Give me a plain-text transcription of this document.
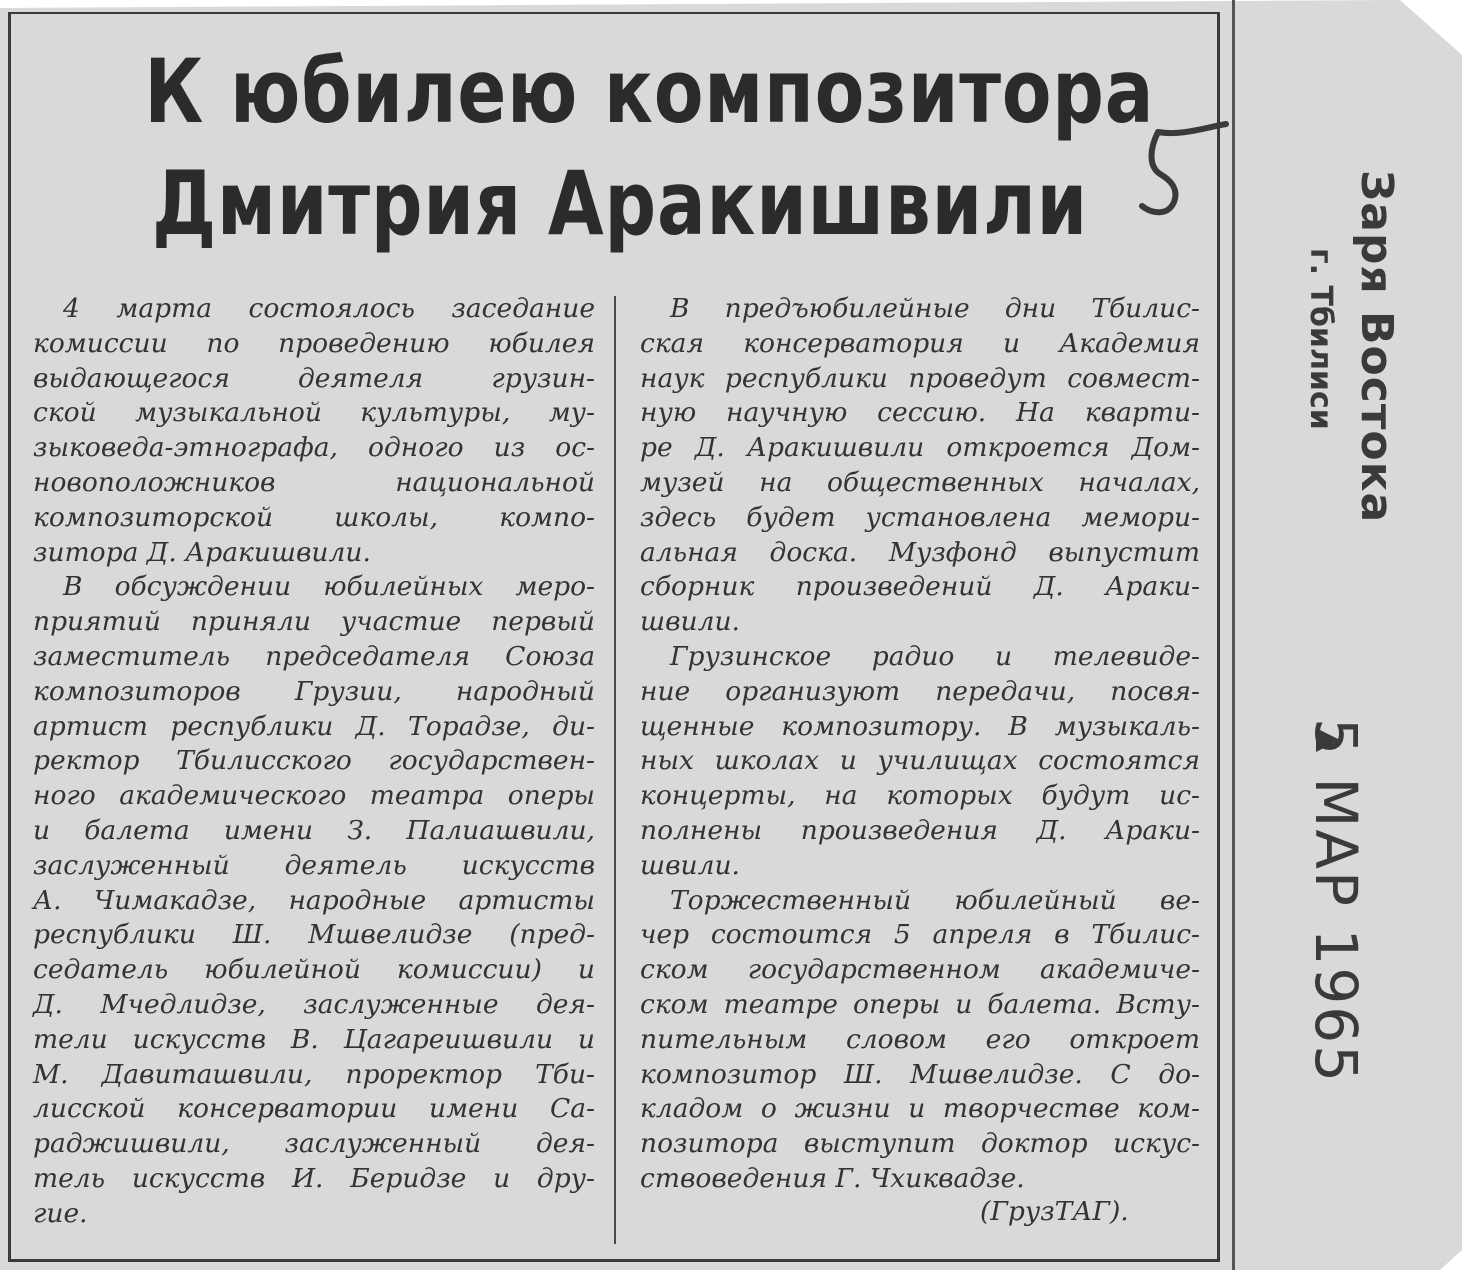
К юбилею композитора
Дмитрия Аракишвили

4 марта состоялось заседание
комиссии по проведению юбилея
выдающегося деятеля грузин-
ской музыкальной культуры, му-
зыковеда-этнографа, одного из ос-
новоположников национальной
композиторской школы, компо-
зитора Д. Аракишвили.

В обсуждении юбилейных меро-
приятий приняли участие первый
заместитель председателя Союза
композиторов Грузии, народный
артист республики Д. Торадзе, ди-
ректор Тбилисского государствен-
ного академического театра оперы
и балета имени З. Палиашвили,
заслуженный деятель искусств
А. Чимакадзе, народные артисты
республики Ш. Мшвелидзе (пред-
седатель юбилейной комиссии) и
Д. Мчедлидзе, заслуженные дея-
тели искусств В. Цагареишвили и
М. Давиташвили, проректор Тби-
лисской консерватории имени Са-
раджишвили, заслуженный дея-
тель искусств И. Беридзе и дру-
гие.

В предъюбилейные дни Тбилис-
ская консерватория и Академия
наук республики проведут совмест-
ную научную сессию. На кварти-
ре Д. Аракишвили откроется Дом-
музей на общественных началах,
здесь будет установлена мемори-
альная доска. Музфонд выпустит
сборник произведений Д. Араки-
швили.

Грузинское радио и телевиде-
ние организуют передачи, посвя-
щенные композитору. В музыкаль-
ных школах и училищах состоятся
концерты, на которых будут ис-
полнены произведения Д. Араки-
швили.

Торжественный юбилейный ве-
чер состоится 5 апреля в Тбилис-
ском государственном академиче-
ском театре оперы и балета. Всту-
пительным словом его откроет
композитор Ш. Мшвелидзе. С до-
кладом о жизни и творчестве ком-
позитора выступит доктор искус-
ствоведения Г. Чхиквадзе.

(ГрузТАГ).
Заря Востока
г. Тбилиси
5 МАР 1965
